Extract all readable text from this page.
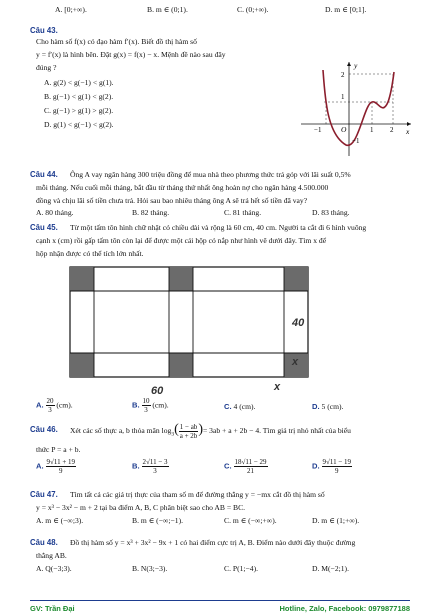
A. [0;+∞).	B. m ∈ (0;1).	C. (0;+∞).	D. m ∈ [0;1].
Câu 43.
Cho hàm số f(x) có đạo hàm f′(x). Biết đồ thị hàm số
y = f′(x) là hình bên. Đặt g(x) = f(x) − x. Mệnh đề nào sau đây
đúng ?
A. g(2) < g(−1) < g(1).
B. g(−1) < g(1) < g(2).
C. g(−1) > g(1) > g(2).
D. g(1) < g(−1) < g(2).
y
x
O
2
1
−1	1 2
−1
Câu 44. Ông A vay ngân hàng 300 triệu đồng để mua nhà theo phương thức trả góp với lãi suất 0,5%
mỗi tháng. Nếu cuối mỗi tháng, bắt đầu từ tháng thứ nhất ông hoàn nợ cho ngân hàng 4.500.000
đồng và chịu lãi số tiền chưa trả. Hỏi sau bao nhiêu tháng ông A sẽ trả hết số tiền đã vay?
A. 80 tháng.	B. 82 tháng.	C. 81 tháng.	D. 83 tháng.
Câu 45. Từ một tấm tôn hình chữ nhật có chiều dài và rộng là 60 cm, 40 cm. Người ta cắt đi 6 hình vuông
cạnh x (cm) rồi gấp tấm tôn còn lại để được một cái hộp có nắp như hình vẽ dưới đây. Tìm x để
hộp nhận được có thể tích lớn nhất.
40
x
x
60
A. $\frac{20}{3} (cm)$.	B. $\frac{10}{3} (cm)$.	C. 4 (cm).	D. 5 (cm).
Câu 46. Xét các số thực a, b thỏa mãn $\log_3( \frac{1 - ab}{a + 2b}$ )= 3ab + a + 2b − 4. Tìm giá trị nhỏ nhất của biểu
thức P = a + b.
A. $\frac{9√11 + 19}{9}$	B. $\frac{2√11 - 3}{3}$	C. $\frac{18√11 - 29}{21}$	D. $\frac{9√11 - 19}{9}$
Câu 47. Tìm tất cả các giá trị thực của tham số m để đường thẳng y = −mx cắt đồ thị hàm số
y = x³ − 3x² − m + 2 tại ba điểm A, B, C phân biệt sao cho AB = BC.
A. m ∈ (−∞;3).	B. m ∈ (−∞;−1).	C. m ∈ (−∞;+∞).	D. m ∈ (1;+∞).
Câu 48. Đồ thị hàm số y = x³ + 3x² − 9x + 1 có hai điểm cực trị A, B. Điểm nào dưới đây thuộc đường
thẳng AB.
A. Q(−3;3).	B. N(3;−3).	C. P(1;−4).	D. M(−2;1).
GV: Trần Đại	Hotline, Zalo, Facebook: 0979877188
